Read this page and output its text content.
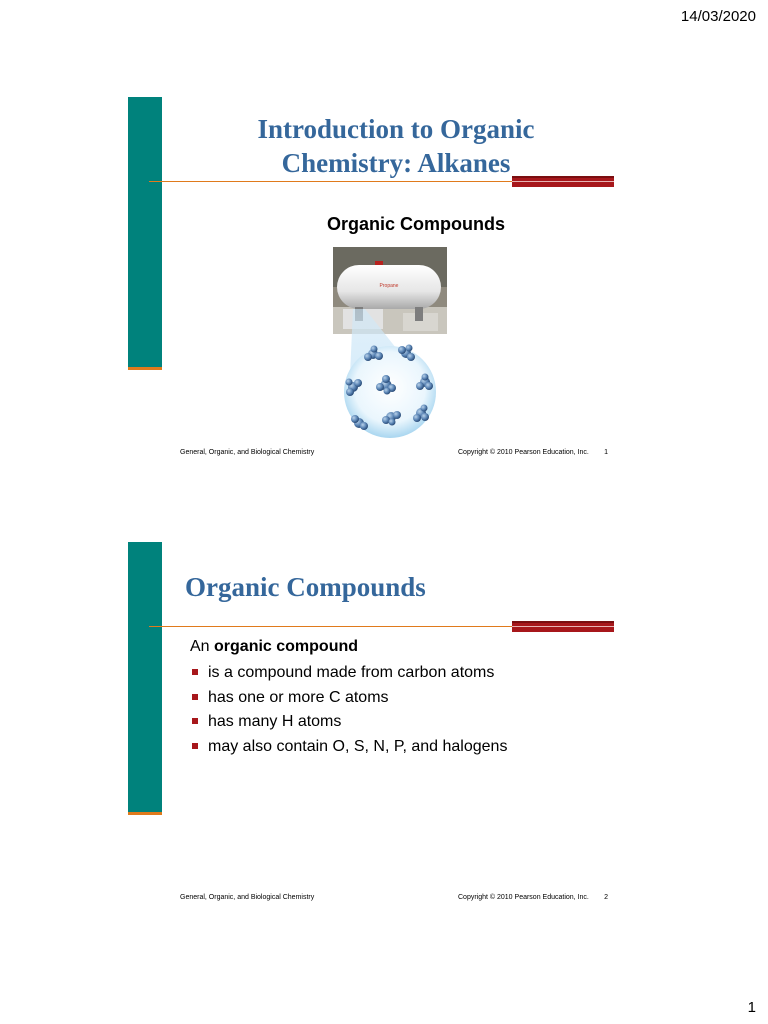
14/03/2020
Introduction to Organic
Chemistry: Alkanes
Organic Compounds
Propane
General, Organic, and Biological Chemistry	Copyright © 2010 Pearson Education, Inc. 1
Organic Compounds
An organic compound
is a compound made from carbon atoms
has one or more C atoms
has many H atoms
may also contain O, S, N, P, and halogens
General, Organic, and Biological Chemistry	Copyright © 2010 Pearson Education, Inc. 2
1
